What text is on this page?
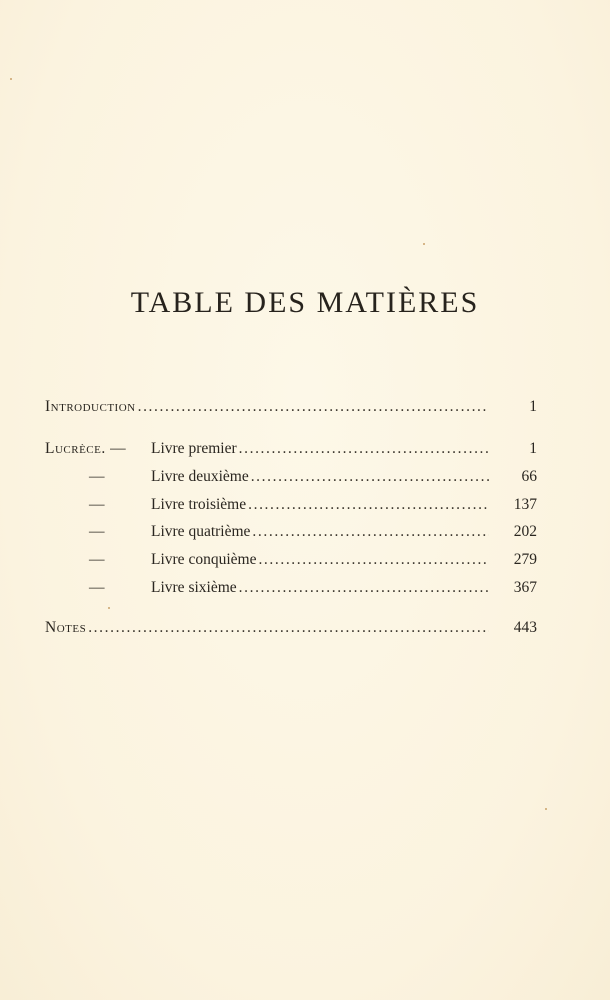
TABLE DES MATIÈRES
Introduction .....	1
Lucrèce. —	Livre premier .....	1
—	Livre deuxième .....	66
—	Livre troisième .....	137
—	Livre quatrième .....	202
—	Livre conquième .....	279
—	Livre sixième .....	367
Notes .....	443
